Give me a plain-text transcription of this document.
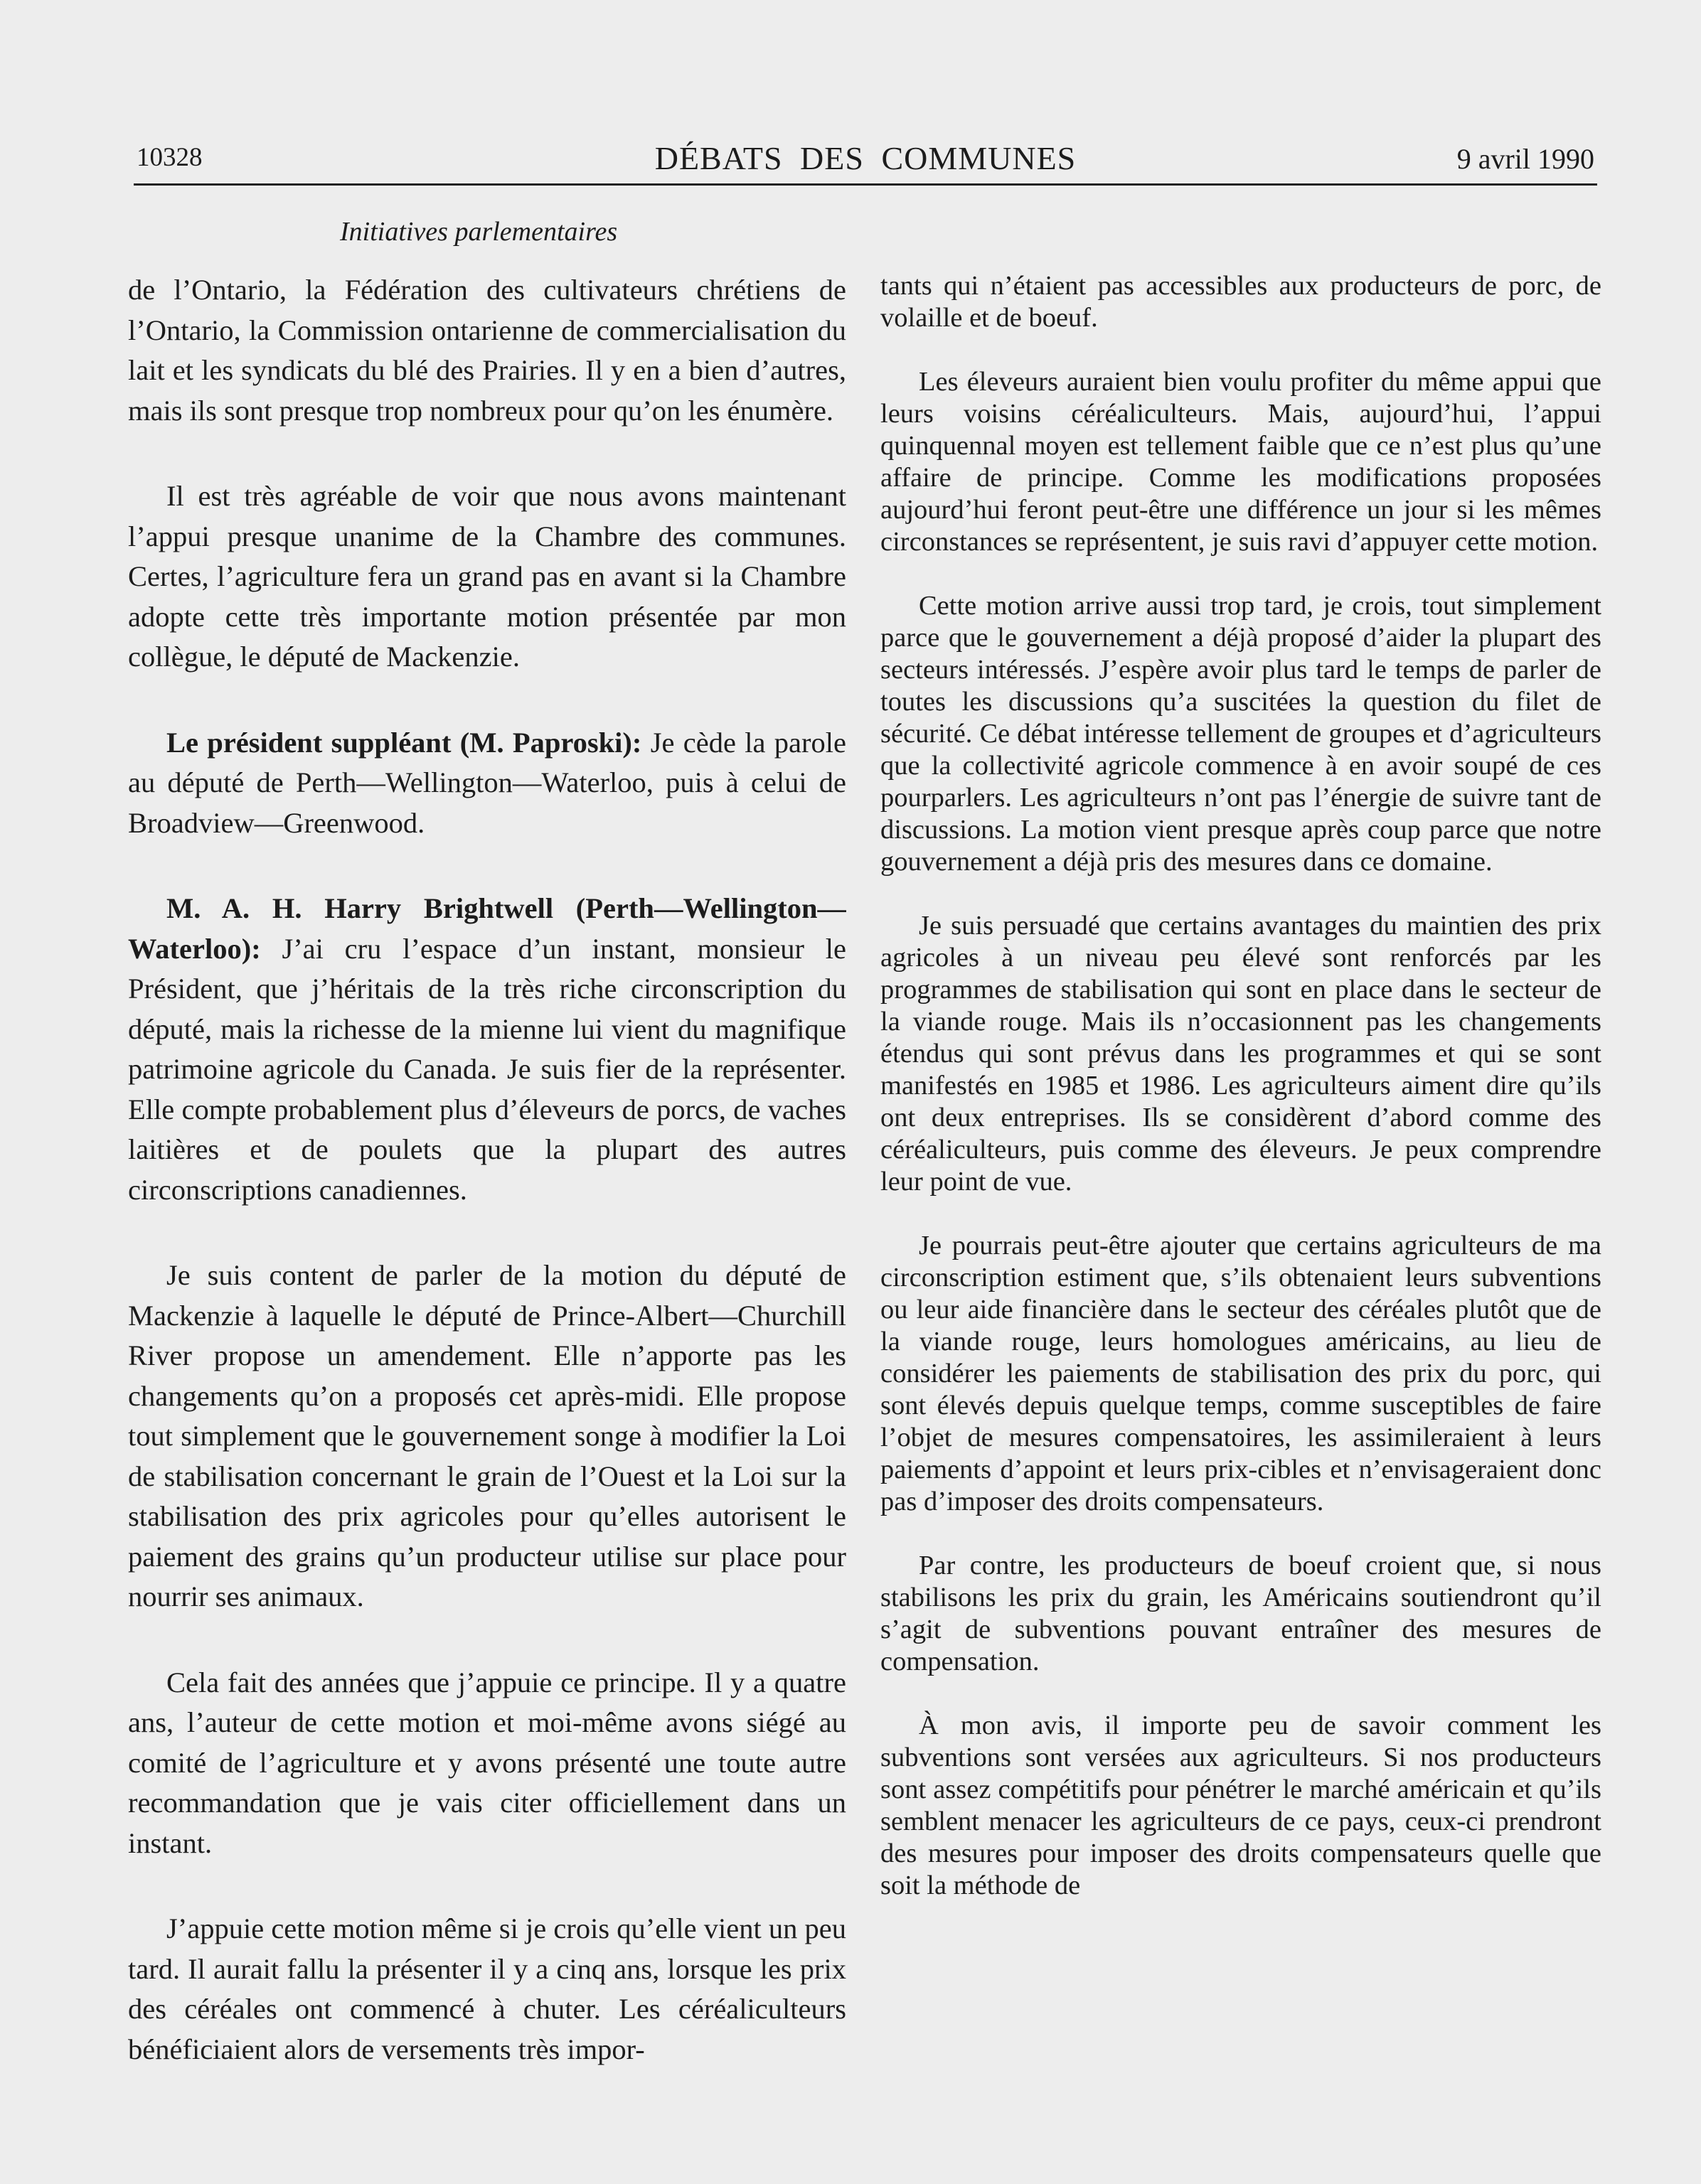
10328	DÉBATS DES COMMUNES	9 avril 1990
Initiatives parlementaires

de l’Ontario, la Fédération des cultivateurs chrétiens de l’Ontario, la Commission ontarienne de commercialisation du lait et les syndicats du blé des Prairies. Il y en a bien d’autres, mais ils sont presque trop nombreux pour qu’on les énumère.

Il est très agréable de voir que nous avons maintenant l’appui presque unanime de la Chambre des communes. Certes, l’agriculture fera un grand pas en avant si la Chambre adopte cette très importante motion présentée par mon collègue, le député de Mackenzie.

Le président suppléant (M. Paproski): Je cède la parole au député de Perth—Wellington—Waterloo, puis à celui de Broadview—Greenwood.

M. A. H. Harry Brightwell (Perth—Wellington—Waterloo): J’ai cru l’espace d’un instant, monsieur le Président, que j’héritais de la très riche circonscription du député, mais la richesse de la mienne lui vient du magnifique patrimoine agricole du Canada. Je suis fier de la représenter. Elle compte probablement plus d’éleveurs de porcs, de vaches laitières et de poulets que la plupart des autres circonscriptions canadiennes.

Je suis content de parler de la motion du député de Mackenzie à laquelle le député de Prince-Albert—Churchill River propose un amendement. Elle n’apporte pas les changements qu’on a proposés cet après-midi. Elle propose tout simplement que le gouvernement songe à modifier la Loi de stabilisation concernant le grain de l’Ouest et la Loi sur la stabilisation des prix agricoles pour qu’elles autorisent le paiement des grains qu’un producteur utilise sur place pour nourrir ses animaux.

Cela fait des années que j’appuie ce principe. Il y a quatre ans, l’auteur de cette motion et moi-même avons siégé au comité de l’agriculture et y avons présenté une toute autre recommandation que je vais citer officiellement dans un instant.

J’appuie cette motion même si je crois qu’elle vient un peu tard. Il aurait fallu la présenter il y a cinq ans, lorsque les prix des céréales ont commencé à chuter. Les céréaliculteurs bénéficiaient alors de versements très impor-

tants qui n’étaient pas accessibles aux producteurs de porc, de volaille et de boeuf.

Les éleveurs auraient bien voulu profiter du même appui que leurs voisins céréaliculteurs. Mais, aujourd’hui, l’appui quinquennal moyen est tellement faible que ce n’est plus qu’une affaire de principe. Comme les modifications proposées aujourd’hui feront peut-être une différence un jour si les mêmes circonstances se représentent, je suis ravi d’appuyer cette motion.

Cette motion arrive aussi trop tard, je crois, tout simplement parce que le gouvernement a déjà proposé d’aider la plupart des secteurs intéressés. J’espère avoir plus tard le temps de parler de toutes les discussions qu’a suscitées la question du filet de sécurité. Ce débat intéresse tellement de groupes et d’agriculteurs que la collectivité agricole commence à en avoir soupé de ces pourparlers. Les agriculteurs n’ont pas l’énergie de suivre tant de discussions. La motion vient presque après coup parce que notre gouvernement a déjà pris des mesures dans ce domaine.

Je suis persuadé que certains avantages du maintien des prix agricoles à un niveau peu élevé sont renforcés par les programmes de stabilisation qui sont en place dans le secteur de la viande rouge. Mais ils n’occasionnent pas les changements étendus qui sont prévus dans les programmes et qui se sont manifestés en 1985 et 1986. Les agriculteurs aiment dire qu’ils ont deux entreprises. Ils se considèrent d’abord comme des céréaliculteurs, puis comme des éleveurs. Je peux comprendre leur point de vue.

Je pourrais peut-être ajouter que certains agriculteurs de ma circonscription estiment que, s’ils obtenaient leurs subventions ou leur aide financière dans le secteur des céréales plutôt que de la viande rouge, leurs homologues américains, au lieu de considérer les paiements de stabilisation des prix du porc, qui sont élevés depuis quelque temps, comme susceptibles de faire l’objet de mesures compensatoires, les assimileraient à leurs paiements d’appoint et leurs prix-cibles et n’envisageraient donc pas d’imposer des droits compensateurs.

Par contre, les producteurs de boeuf croient que, si nous stabilisons les prix du grain, les Américains soutiendront qu’il s’agit de subventions pouvant entraîner des mesures de compensation.

À mon avis, il importe peu de savoir comment les subventions sont versées aux agriculteurs. Si nos producteurs sont assez compétitifs pour pénétrer le marché américain et qu’ils semblent menacer les agriculteurs de ce pays, ceux-ci prendront des mesures pour imposer des droits compensateurs quelle que soit la méthode de
